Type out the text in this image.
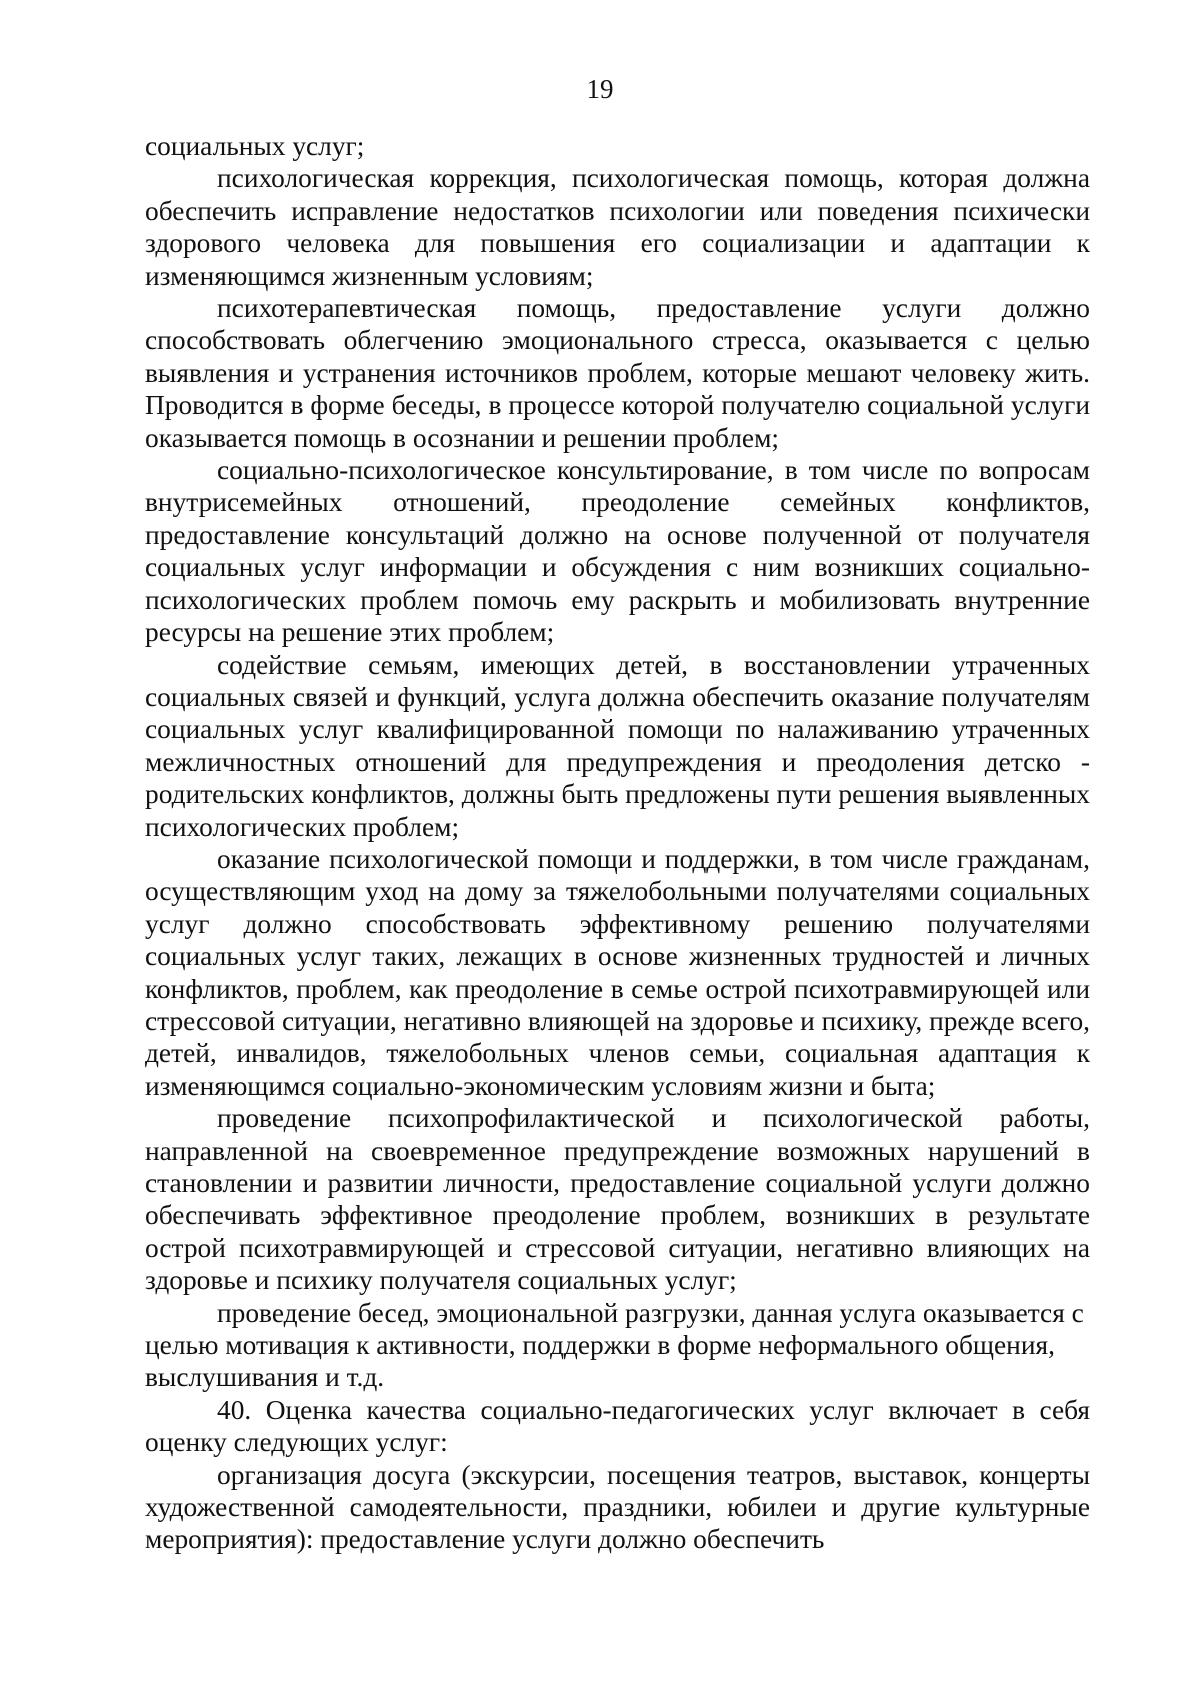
19

социальных услуг;

психологическая коррекция, психологическая помощь, которая должна обеспечить исправление недостатков психологии или поведения психически здорового человека для повышения его социализации и адаптации к изменяющимся жизненным условиям;

психотерапевтическая помощь, предоставление услуги должно способствовать облегчению эмоционального стресса, оказывается с целью выявления и устранения источников проблем, которые мешают человеку жить. Проводится в форме беседы, в процессе которой получателю социальной услуги оказывается помощь в осознании и решении проблем;

социально-психологическое консультирование, в том числе по вопросам внутрисемейных отношений, преодоление семейных конфликтов, предоставление консультаций должно на основе полученной от получателя социальных услуг информации и обсуждения с ним возникших социально-психологических проблем помочь ему раскрыть и мобилизовать внутренние ресурсы на решение этих проблем;

содействие семьям, имеющих детей, в восстановлении утраченных социальных связей и функций, услуга должна обеспечить оказание получателям социальных услуг квалифицированной помощи по налаживанию утраченных межличностных отношений для предупреждения и преодоления детско - родительских конфликтов, должны быть предложены пути решения выявленных психологических проблем;

оказание психологической помощи и поддержки, в том числе гражданам, осуществляющим уход на дому за тяжелобольными получателями социальных услуг должно способствовать эффективному решению получателями социальных услуг таких, лежащих в основе жизненных трудностей и личных конфликтов, проблем, как преодоление в семье острой психотравмирующей или стрессовой ситуации, негативно влияющей на здоровье и психику, прежде всего, детей, инвалидов, тяжелобольных членов семьи, социальная адаптация к изменяющимся социально-экономическим условиям жизни и быта;

проведение психопрофилактической и психологической работы, направленной на своевременное предупреждение возможных нарушений в становлении и развитии личности, предоставление социальной услуги должно обеспечивать эффективное преодоление проблем, возникших в результате острой психотравмирующей и стрессовой ситуации, негативно влияющих на здоровье и психику получателя социальных услуг;

проведение бесед, эмоциональной разгрузки, данная услуга оказывается с целью мотивация к активности, поддержки в форме неформального общения, выслушивания и т.д.

40. Оценка качества социально-педагогических услуг включает в себя оценку следующих услуг:

организация досуга (экскурсии, посещения театров, выставок, концерты художественной самодеятельности, праздники, юбилеи и другие культурные мероприятия): предоставление услуги должно обеспечить
